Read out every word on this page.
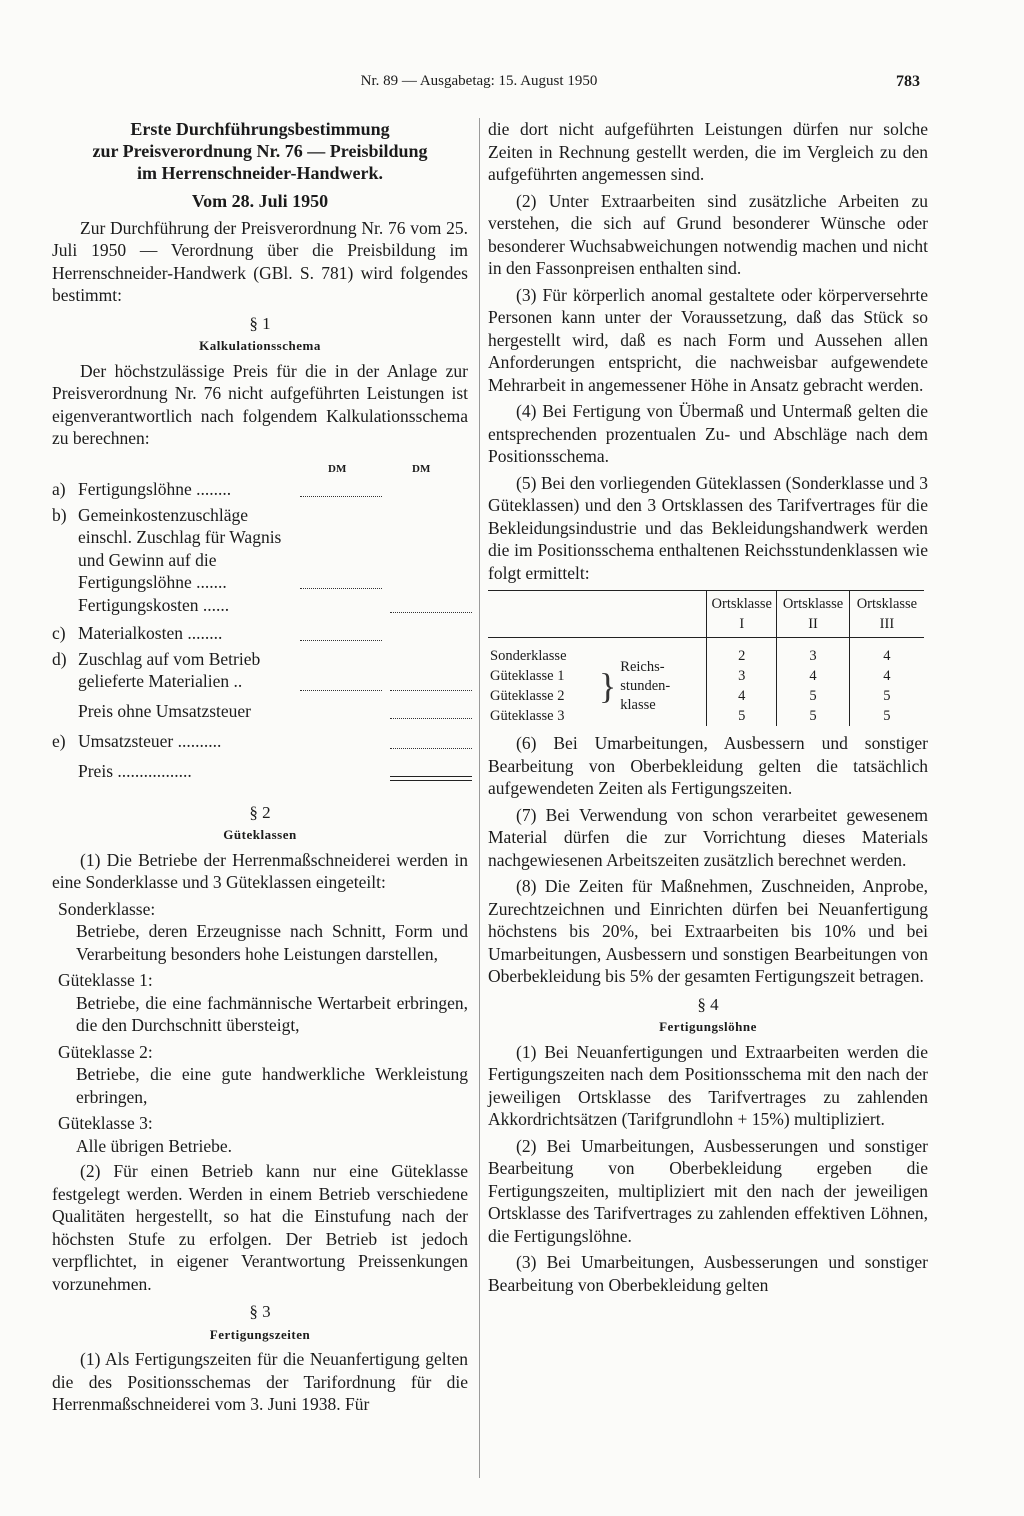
Nr. 89 — Ausgabetag: 15. August 1950	783

Erste Durchführungsbestimmung

zur Preisverordnung Nr. 76 — Preisbildung

im Herrenschneider-Handwerk.

Vom 28. Juli 1950

Zur Durchführung der Preisverordnung Nr. 76 vom 25. Juli 1950 — Verordnung über die Preisbildung im Herrenschneider-Handwerk (GBl. S. 781) wird folgendes bestimmt:

§ 1

Kalkulationsschema

Der höchstzulässige Preis für die in der Anlage zur Preisverordnung Nr. 76 nicht aufgeführten Leistungen ist eigenverantwortlich nach folgendem Kalkulationsschema zu berechnen:

DM	DM
a) Fertigungslöhne ........
b) Gemeinkostenzuschläge einschl. Zuschlag für Wagnis und Gewinn auf die Fertigungslöhne .......
Fertigungskosten ......
c) Materialkosten ........
d) Zuschlag auf vom Betrieb gelieferte Materialien ..
Preis ohne Umsatzsteuer
e) Umsatzsteuer ..........
Preis .................

§ 2

Güteklassen

(1) Die Betriebe der Herrenmaßschneiderei werden in eine Sonderklasse und 3 Güteklassen eingeteilt:

Sonderklasse:

Betriebe, deren Erzeugnisse nach Schnitt, Form und Verarbeitung besonders hohe Leistungen darstellen,

Güteklasse 1:

Betriebe, die eine fachmännische Wertarbeit erbringen, die den Durchschnitt übersteigt,

Güteklasse 2:

Betriebe, die eine gute handwerkliche Werkleistung erbringen,

Güteklasse 3:

Alle übrigen Betriebe.

(2) Für einen Betrieb kann nur eine Güteklasse festgelegt werden. Werden in einem Betrieb verschiedene Qualitäten hergestellt, so hat die Einstufung nach der höchsten Stufe zu erfolgen. Der Betrieb ist jedoch verpflichtet, in eigener Verantwortung Preissenkungen vorzunehmen.

§ 3

Fertigungszeiten

(1) Als Fertigungszeiten für die Neuanfertigung gelten die des Positionsschemas der Tarifordnung für die Herrenmaßschneiderei vom 3. Juni 1938. Für

die dort nicht aufgeführten Leistungen dürfen nur solche Zeiten in Rechnung gestellt werden, die im Vergleich zu den aufgeführten angemessen sind.

(2) Unter Extraarbeiten sind zusätzliche Arbeiten zu verstehen, die sich auf Grund besonderer Wünsche oder besonderer Wuchsabweichungen notwendig machen und nicht in den Fassonpreisen enthalten sind.

(3) Für körperlich anomal gestaltete oder körperversehrte Personen kann unter der Voraussetzung, daß das Stück so hergestellt wird, daß es nach Form und Aussehen allen Anforderungen entspricht, die nachweisbar aufgewendete Mehrarbeit in angemessener Höhe in Ansatz gebracht werden.

(4) Bei Fertigung von Übermaß und Untermaß gelten die entsprechenden prozentualen Zu- und Abschläge nach dem Positionsschema.

(5) Bei den vorliegenden Güteklassen (Sonderklasse und 3 Güteklassen) und den 3 Ortsklassen des Tarifvertrages für die Bekleidungsindustrie und das Bekleidungshandwerk werden die im Positionsschema enthaltenen Reichsstundenklassen wie folgt ermittelt:

			Ortsklasse I	Ortsklasse II	Ortsklasse III

Sonderklasse	}	Reichs-stunden-klasse	2	3	4
Güteklasse 1			3	4	4
Güteklasse 2			4	5	5
Güteklasse 3			5	5	5

(6) Bei Umarbeitungen, Ausbessern und sonstiger Bearbeitung von Oberbekleidung gelten die tatsächlich aufgewendeten Zeiten als Fertigungszeiten.

(7) Bei Verwendung von schon verarbeitet gewesenem Material dürfen die zur Vorrichtung dieses Materials nachgewiesenen Arbeitszeiten zusätzlich berechnet werden.

(8) Die Zeiten für Maßnehmen, Zuschneiden, Anprobe, Zurechtzeichnen und Einrichten dürfen bei Neuanfertigung höchstens bis 20%, bei Extraarbeiten bis 10% und bei Umarbeitungen, Ausbessern und sonstigen Bearbeitungen von Oberbekleidung bis 5% der gesamten Fertigungszeit betragen.

§ 4

Fertigungslöhne

(1) Bei Neuanfertigungen und Extraarbeiten werden die Fertigungszeiten nach dem Positionsschema mit den nach der jeweiligen Ortsklasse des Tarifvertrages zu zahlenden Akkordrichtsätzen (Tarifgrundlohn + 15%) multipliziert.

(2) Bei Umarbeitungen, Ausbesserungen und sonstiger Bearbeitung von Oberbekleidung ergeben die Fertigungszeiten, multipliziert mit den nach der jeweiligen Ortsklasse des Tarifvertrages zu zahlenden effektiven Löhnen, die Fertigungslöhne.

(3) Bei Umarbeitungen, Ausbesserungen und sonstiger Bearbeitung von Oberbekleidung gelten
